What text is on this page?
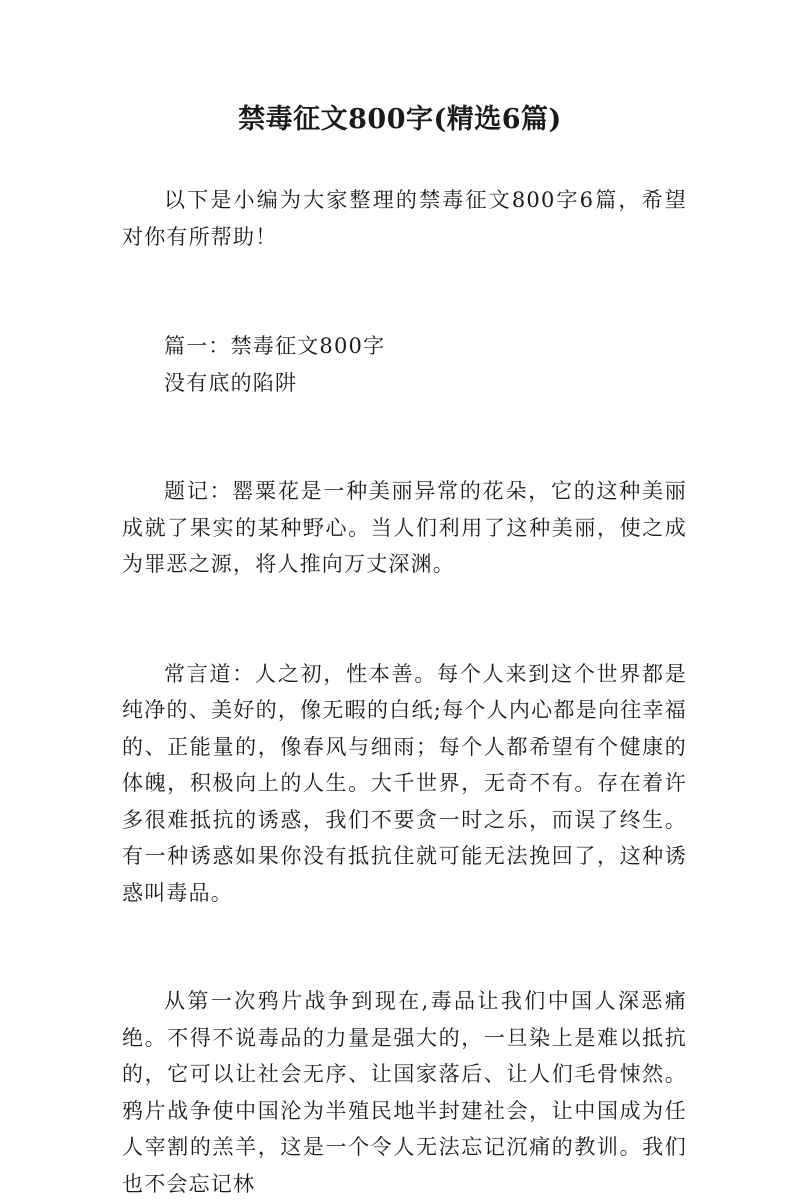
禁毒征文800字(精选6篇)

以下是小编为大家整理的禁毒征文800字6篇，希望对你有所帮助！

篇一：禁毒征文800字

没有底的陷阱

题记：罂粟花是一种美丽异常的花朵，它的这种美丽成就了果实的某种野心。当人们利用了这种美丽，使之成为罪恶之源，将人推向万丈深渊。

常言道：人之初，性本善。每个人来到这个世界都是纯净的、美好的，像无暇的白纸;每个人内心都是向往幸福的、正能量的，像春风与细雨；每个人都希望有个健康的体魄，积极向上的人生。大千世界，无奇不有。存在着许多很难抵抗的诱惑，我们不要贪一时之乐，而误了终生。有一种诱惑如果你没有抵抗住就可能无法挽回了，这种诱惑叫毒品。

从第一次鸦片战争到现在,毒品让我们中国人深恶痛绝。不得不说毒品的力量是强大的，一旦染上是难以抵抗的，它可以让社会无序、让国家落后、让人们毛骨悚然。鸦片战争使中国沦为半殖民地半封建社会，让中国成为任人宰割的羔羊，这是一个令人无法忘记沉痛的教训。我们也不会忘记林
